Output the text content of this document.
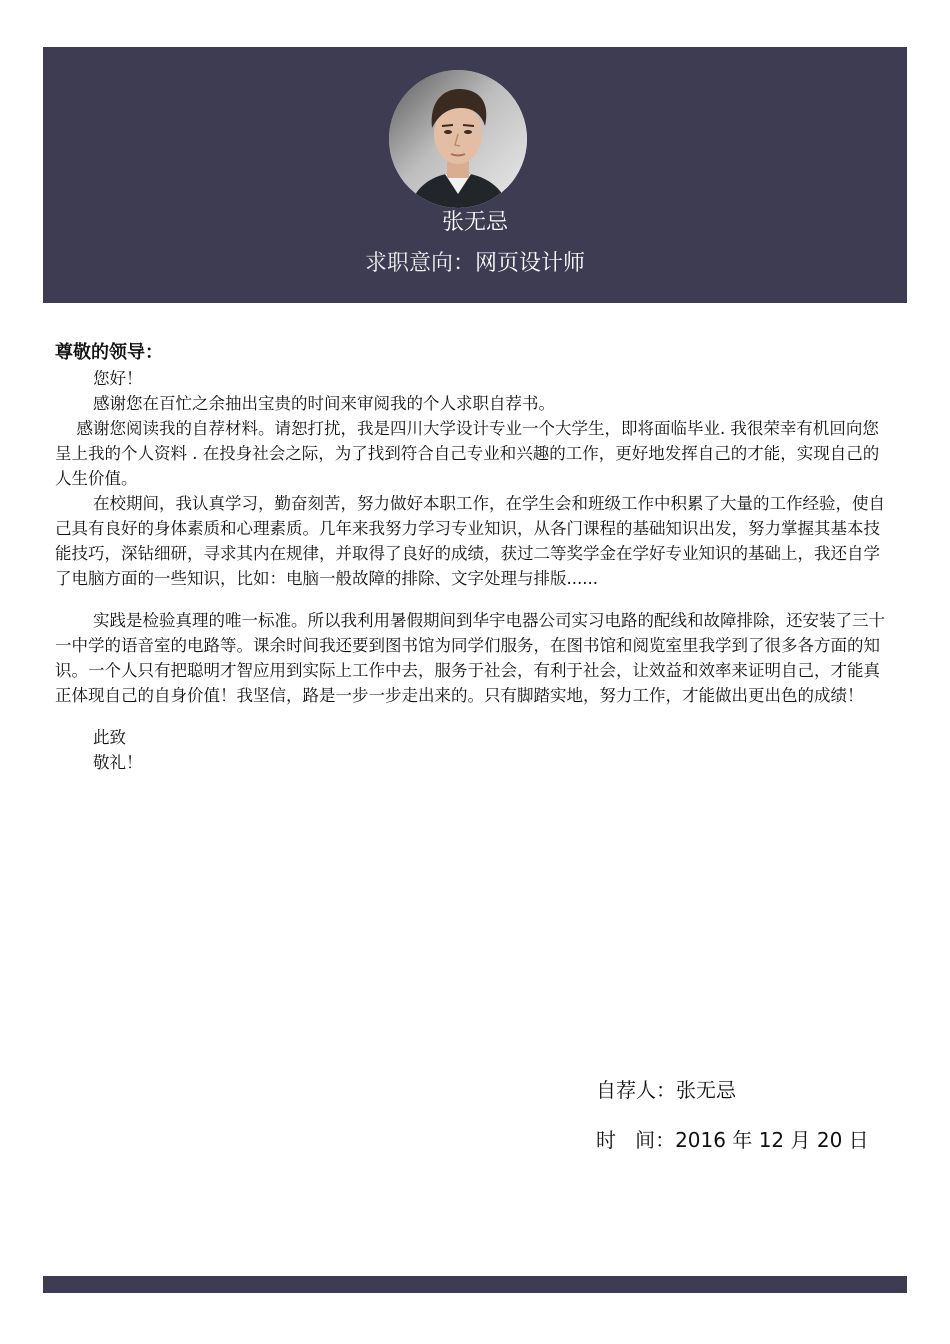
张无忌
求职意向：网页设计师

尊敬的领导：

您好！

感谢您在百忙之余抽出宝贵的时间来审阅我的个人求职自荐书。

感谢您阅读我的自荐材料。请恕打扰，我是四川大学设计专业一个大学生，即将面临毕业. 我很荣幸有机回向您呈上我的个人资料 . 在投身社会之际，为了找到符合自己专业和兴趣的工作，更好地发挥自己的才能，实现自己的人生价值。

在校期间，我认真学习，勤奋刻苦，努力做好本职工作，在学生会和班级工作中积累了大量的工作经验，使自己具有良好的身体素质和心理素质。几年来我努力学习专业知识，从各门课程的基础知识出发，努力掌握其基本技能技巧，深钻细研，寻求其内在规律，并取得了良好的成绩，获过二等奖学金在学好专业知识的基础上，我还自学了电脑方面的一些知识，比如：电脑一般故障的排除、文字处理与排版......

实践是检验真理的唯一标准。所以我利用暑假期间到华宇电器公司实习电路的配线和故障排除，还安装了三十一中学的语音室的电路等。课余时间我还要到图书馆为同学们服务，在图书馆和阅览室里我学到了很多各方面的知识。一个人只有把聪明才智应用到实际上工作中去，服务于社会，有利于社会，让效益和效率来证明自己，才能真正体现自己的自身价值！我坚信，路是一步一步走出来的。只有脚踏实地，努力工作，才能做出更出色的成绩！

此致

敬礼！

自荐人：张无忌
时   间：2016 年 12 月 20 日
